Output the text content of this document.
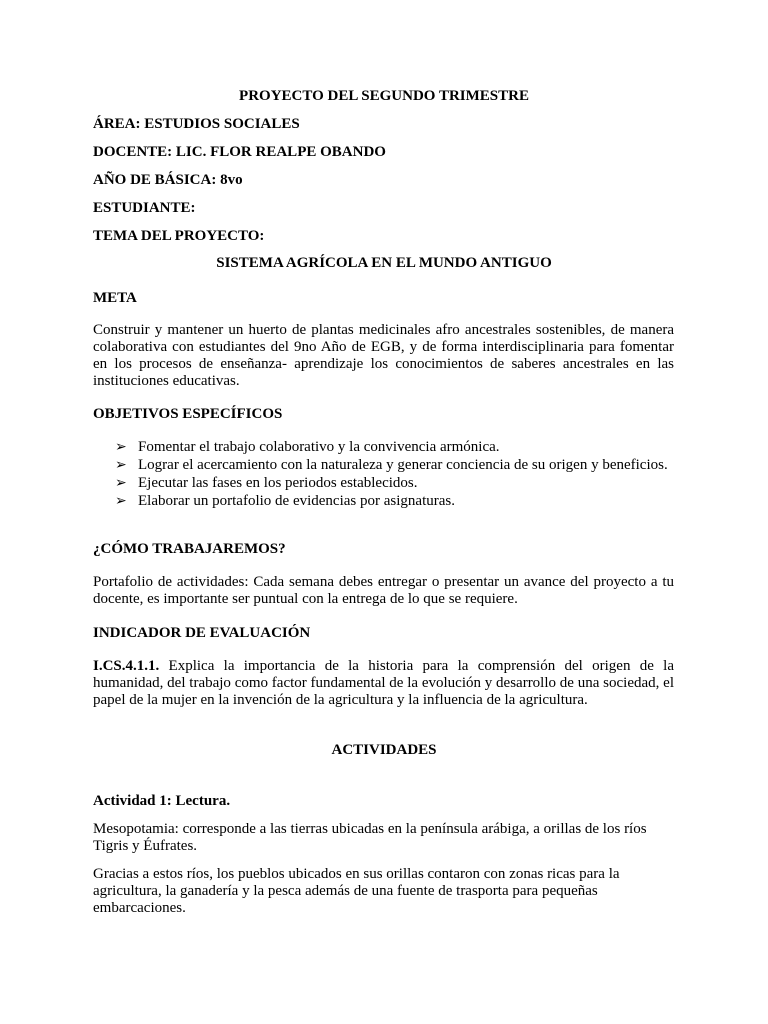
PROYECTO DEL SEGUNDO TRIMESTRE
ÁREA: ESTUDIOS SOCIALES
DOCENTE: LIC. FLOR REALPE OBANDO
AÑO DE BÁSICA: 8vo
ESTUDIANTE:
TEMA DEL PROYECTO:
SISTEMA AGRÍCOLA EN EL MUNDO ANTIGUO
META

Construir y mantener un huerto de plantas medicinales afro ancestrales sostenibles, de manera colaborativa con estudiantes del 9no Año de EGB, y de forma interdisciplinaria para fomentar en los procesos de enseñanza- aprendizaje los conocimientos de saberes ancestrales en las instituciones educativas.

OBJETIVOS ESPECÍFICOS
➢ Fomentar el trabajo colaborativo y la convivencia armónica.
➢ Lograr el acercamiento con la naturaleza y generar conciencia de su origen y beneficios.
➢ Ejecutar las fases en los periodos establecidos.
➢ Elaborar un portafolio de evidencias por asignaturas.
¿CÓMO TRABAJAREMOS?

Portafolio de actividades: Cada semana debes entregar o presentar un avance del proyecto a tu docente, es importante ser puntual con la entrega de lo que se requiere.

INDICADOR DE EVALUACIÓN

I.CS.4.1.1. Explica la importancia de la historia para la comprensión del origen de la humanidad, del trabajo como factor fundamental de la evolución y desarrollo de una sociedad, el papel de la mujer en la invención de la agricultura y la influencia de la agricultura.

ACTIVIDADES
Actividad 1: Lectura.

Mesopotamia: corresponde a las tierras ubicadas en la península arábiga, a orillas de los ríos Tigris y Éufrates.

Gracias a estos ríos, los pueblos ubicados en sus orillas contaron con zonas ricas para la agricultura, la ganadería y la pesca además de una fuente de trasporta para pequeñas embarcaciones.
